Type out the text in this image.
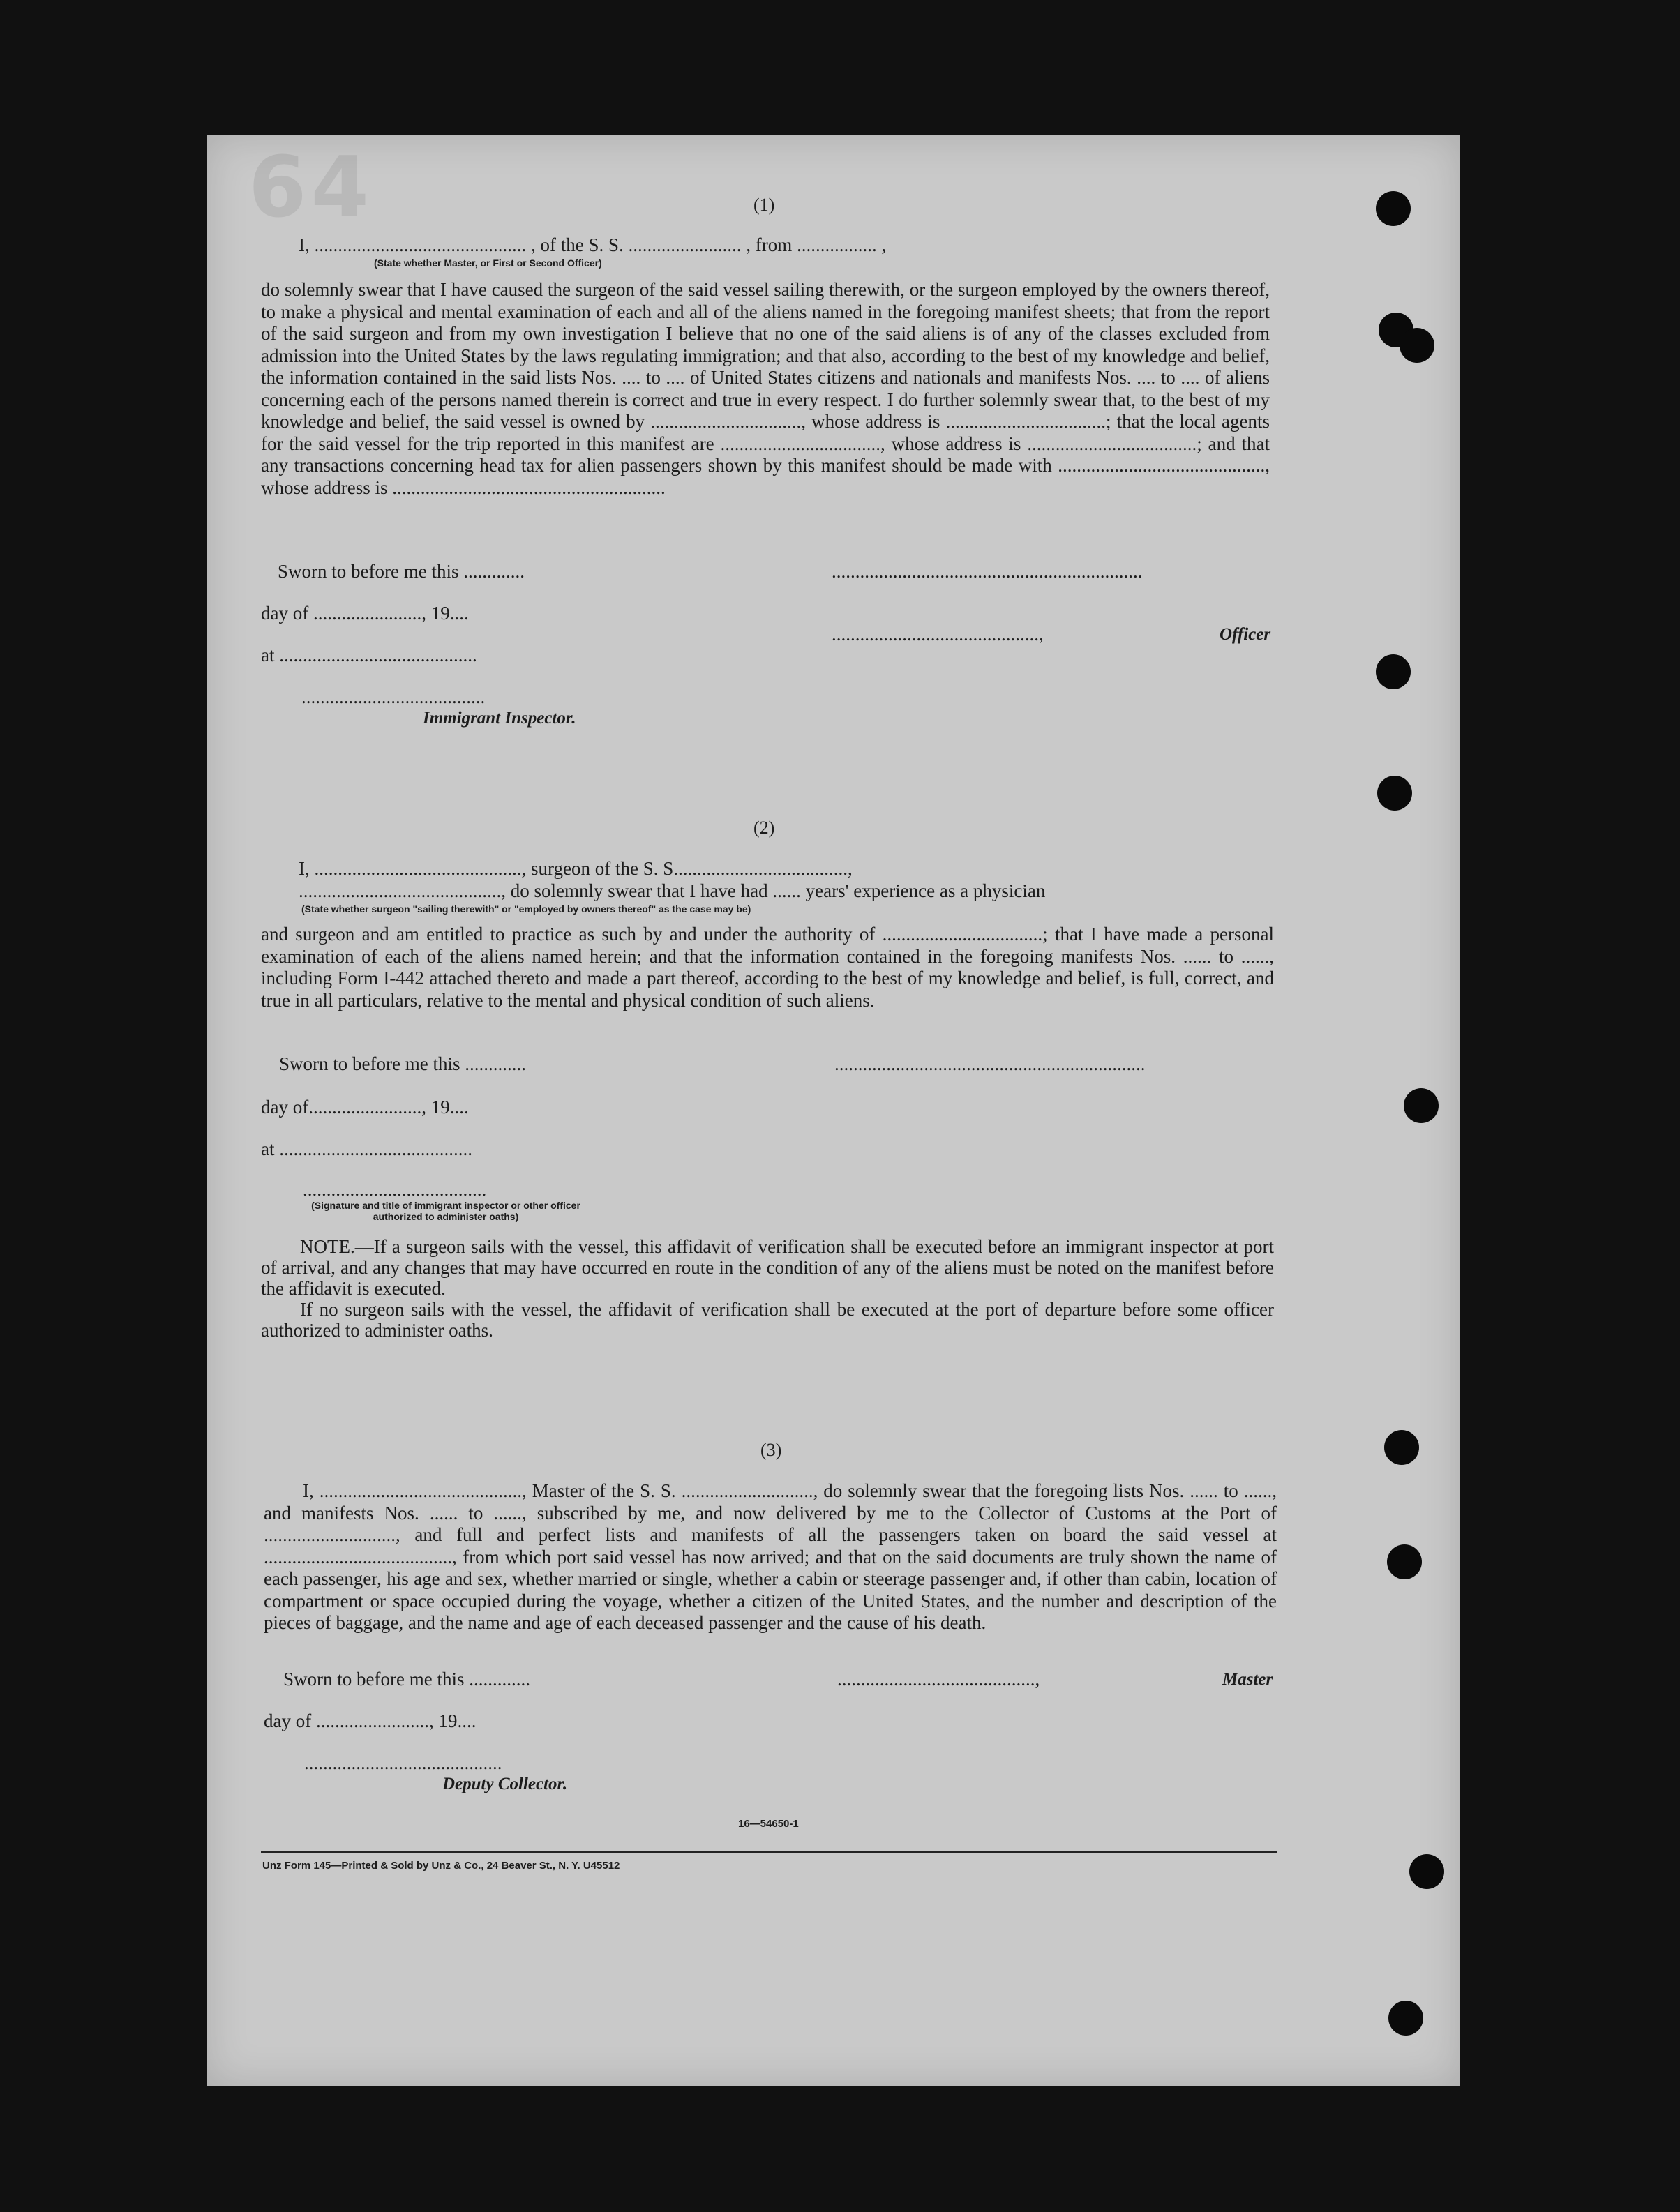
64	(1)
I, ............................................. , of the S. S. ........................ , from ................. ,
(State whether Master, or First or Second Officer)
do solemnly swear that I have caused the surgeon of the said vessel sailing therewith, or the surgeon employed by the owners thereof, to make a physical and mental examination of each and all of the aliens named in the foregoing manifest sheets; that from the report of the said surgeon and from my own investigation I believe that no one of the said aliens is of any of the classes excluded from admission into the United States by the laws regulating immigration; and that also, according to the best of my knowledge and belief, the information contained in the said lists Nos. .... to .... of United States citizens and nationals and manifests Nos. .... to .... of aliens concerning each of the persons named therein is correct and true in every respect. I do further solemnly swear that, to the best of my knowledge and belief, the said vessel is owned by ................................, whose address is ..................................; that the local agents for the said vessel for the trip reported in this manifest are .................................., whose address is ....................................; and that any transactions concerning head tax for alien passengers shown by this manifest should be made with ............................................, whose address is ..........................................................
Sworn to before me this .............	..................................................................
day of ......................., 19....
............................................,	Officer
at ..........................................
.......................................
Immigrant Inspector.
(2)
I, ............................................, surgeon of the S. S.....................................,
..........................................., do solemnly swear that I have had ...... years' experience as a physician
(State whether surgeon "sailing therewith" or "employed by owners thereof" as the case may be)
and surgeon and am entitled to practice as such by and under the authority of ..................................; that I have made a personal examination of each of the aliens named herein; and that the information contained in the foregoing manifests Nos. ...... to ......, including Form I-442 attached thereto and made a part thereof, according to the best of my knowledge and belief, is full, correct, and true in all particulars, relative to the mental and physical condition of such aliens.
Sworn to before me this .............	..................................................................
day of........................, 19....
at .........................................
.......................................
(Signature and title of immigrant inspector or other officer authorized to administer oaths)

NOTE.—If a surgeon sails with the vessel, this affidavit of verification shall be executed before an immigrant inspector at port of arrival, and any changes that may have occurred en route in the condition of any of the aliens must be noted on the manifest before the affidavit is executed.

If no surgeon sails with the vessel, the affidavit of verification shall be executed at the port of departure before some officer authorized to administer oaths.

(3)
I, ..........................................., Master of the S. S. ............................, do solemnly swear that the foregoing lists Nos. ...... to ......, and manifests Nos. ...... to ......, subscribed by me, and now delivered by me to the Collector of Customs at the Port of ............................, and full and perfect lists and manifests of all the passengers taken on board the said vessel at ........................................, from which port said vessel has now arrived; and that on the said documents are truly shown the name of each passenger, his age and sex, whether married or single, whether a cabin or steerage passenger and, if other than cabin, location of compartment or space occupied during the voyage, whether a citizen of the United States, and the number and description of the pieces of baggage, and the name and age of each deceased passenger and the cause of his death.
Sworn to before me this .............	..........................................,	Master
day of ........................, 19....
..........................................
Deputy Collector.
16—54650-1
Unz Form 145—Printed & Sold by Unz & Co., 24 Beaver St., N. Y. U45512
